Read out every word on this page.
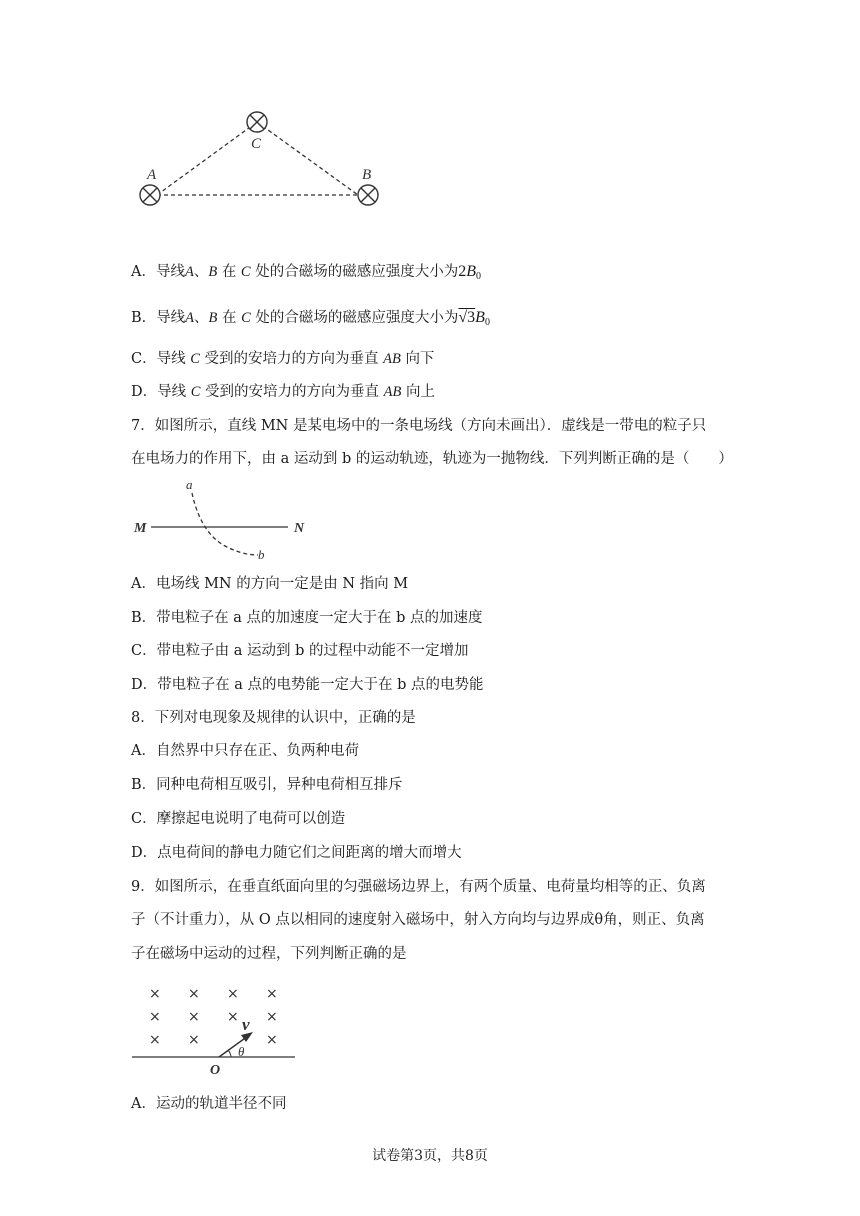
C
A	B
A．导线A、B 在 C 处的合磁场的磁感应强度大小为$2B_0$
B．导线A、B 在 C 处的合磁场的磁感应强度大小为$√3B_0$
C．导线 C 受到的安培力的方向为垂直 AB 向下
D．导线 C 受到的安培力的方向为垂直 AB 向上
7．如图所示，直线 MN 是某电场中的一条电场线（方向未画出）．虚线是一带电的粒子只
在电场力的作用下，由 a 运动到 b 的运动轨迹，轨迹为一抛物线．下列判断正确的是（　　）
M	N
a
b
A．电场线 MN 的方向一定是由 N 指向 M
B．带电粒子在 a 点的加速度一定大于在 b 点的加速度
C．带电粒子由 a 运动到 b 的过程中动能不一定增加
D．带电粒子在 a 点的电势能一定大于在 b 点的电势能
8．下列对电现象及规律的认识中，正确的是
A．自然界中只存在正、负两种电荷
B．同种电荷相互吸引，异种电荷相互排斥
C．摩擦起电说明了电荷可以创造
D．点电荷间的静电力随它们之间距离的增大而增大
9．如图所示，在垂直纸面向里的匀强磁场边界上，有两个质量、电荷量均相等的正、负离
子（不计重力），从 O 点以相同的速度射入磁场中，射入方向均与边界成θ角，则正、负离
子在磁场中运动的过程，下列判断正确的是
× × × ×
× × × ×
× ×	×
v
θ
O
A．运动的轨道半径不同
试卷第3页，共8页
